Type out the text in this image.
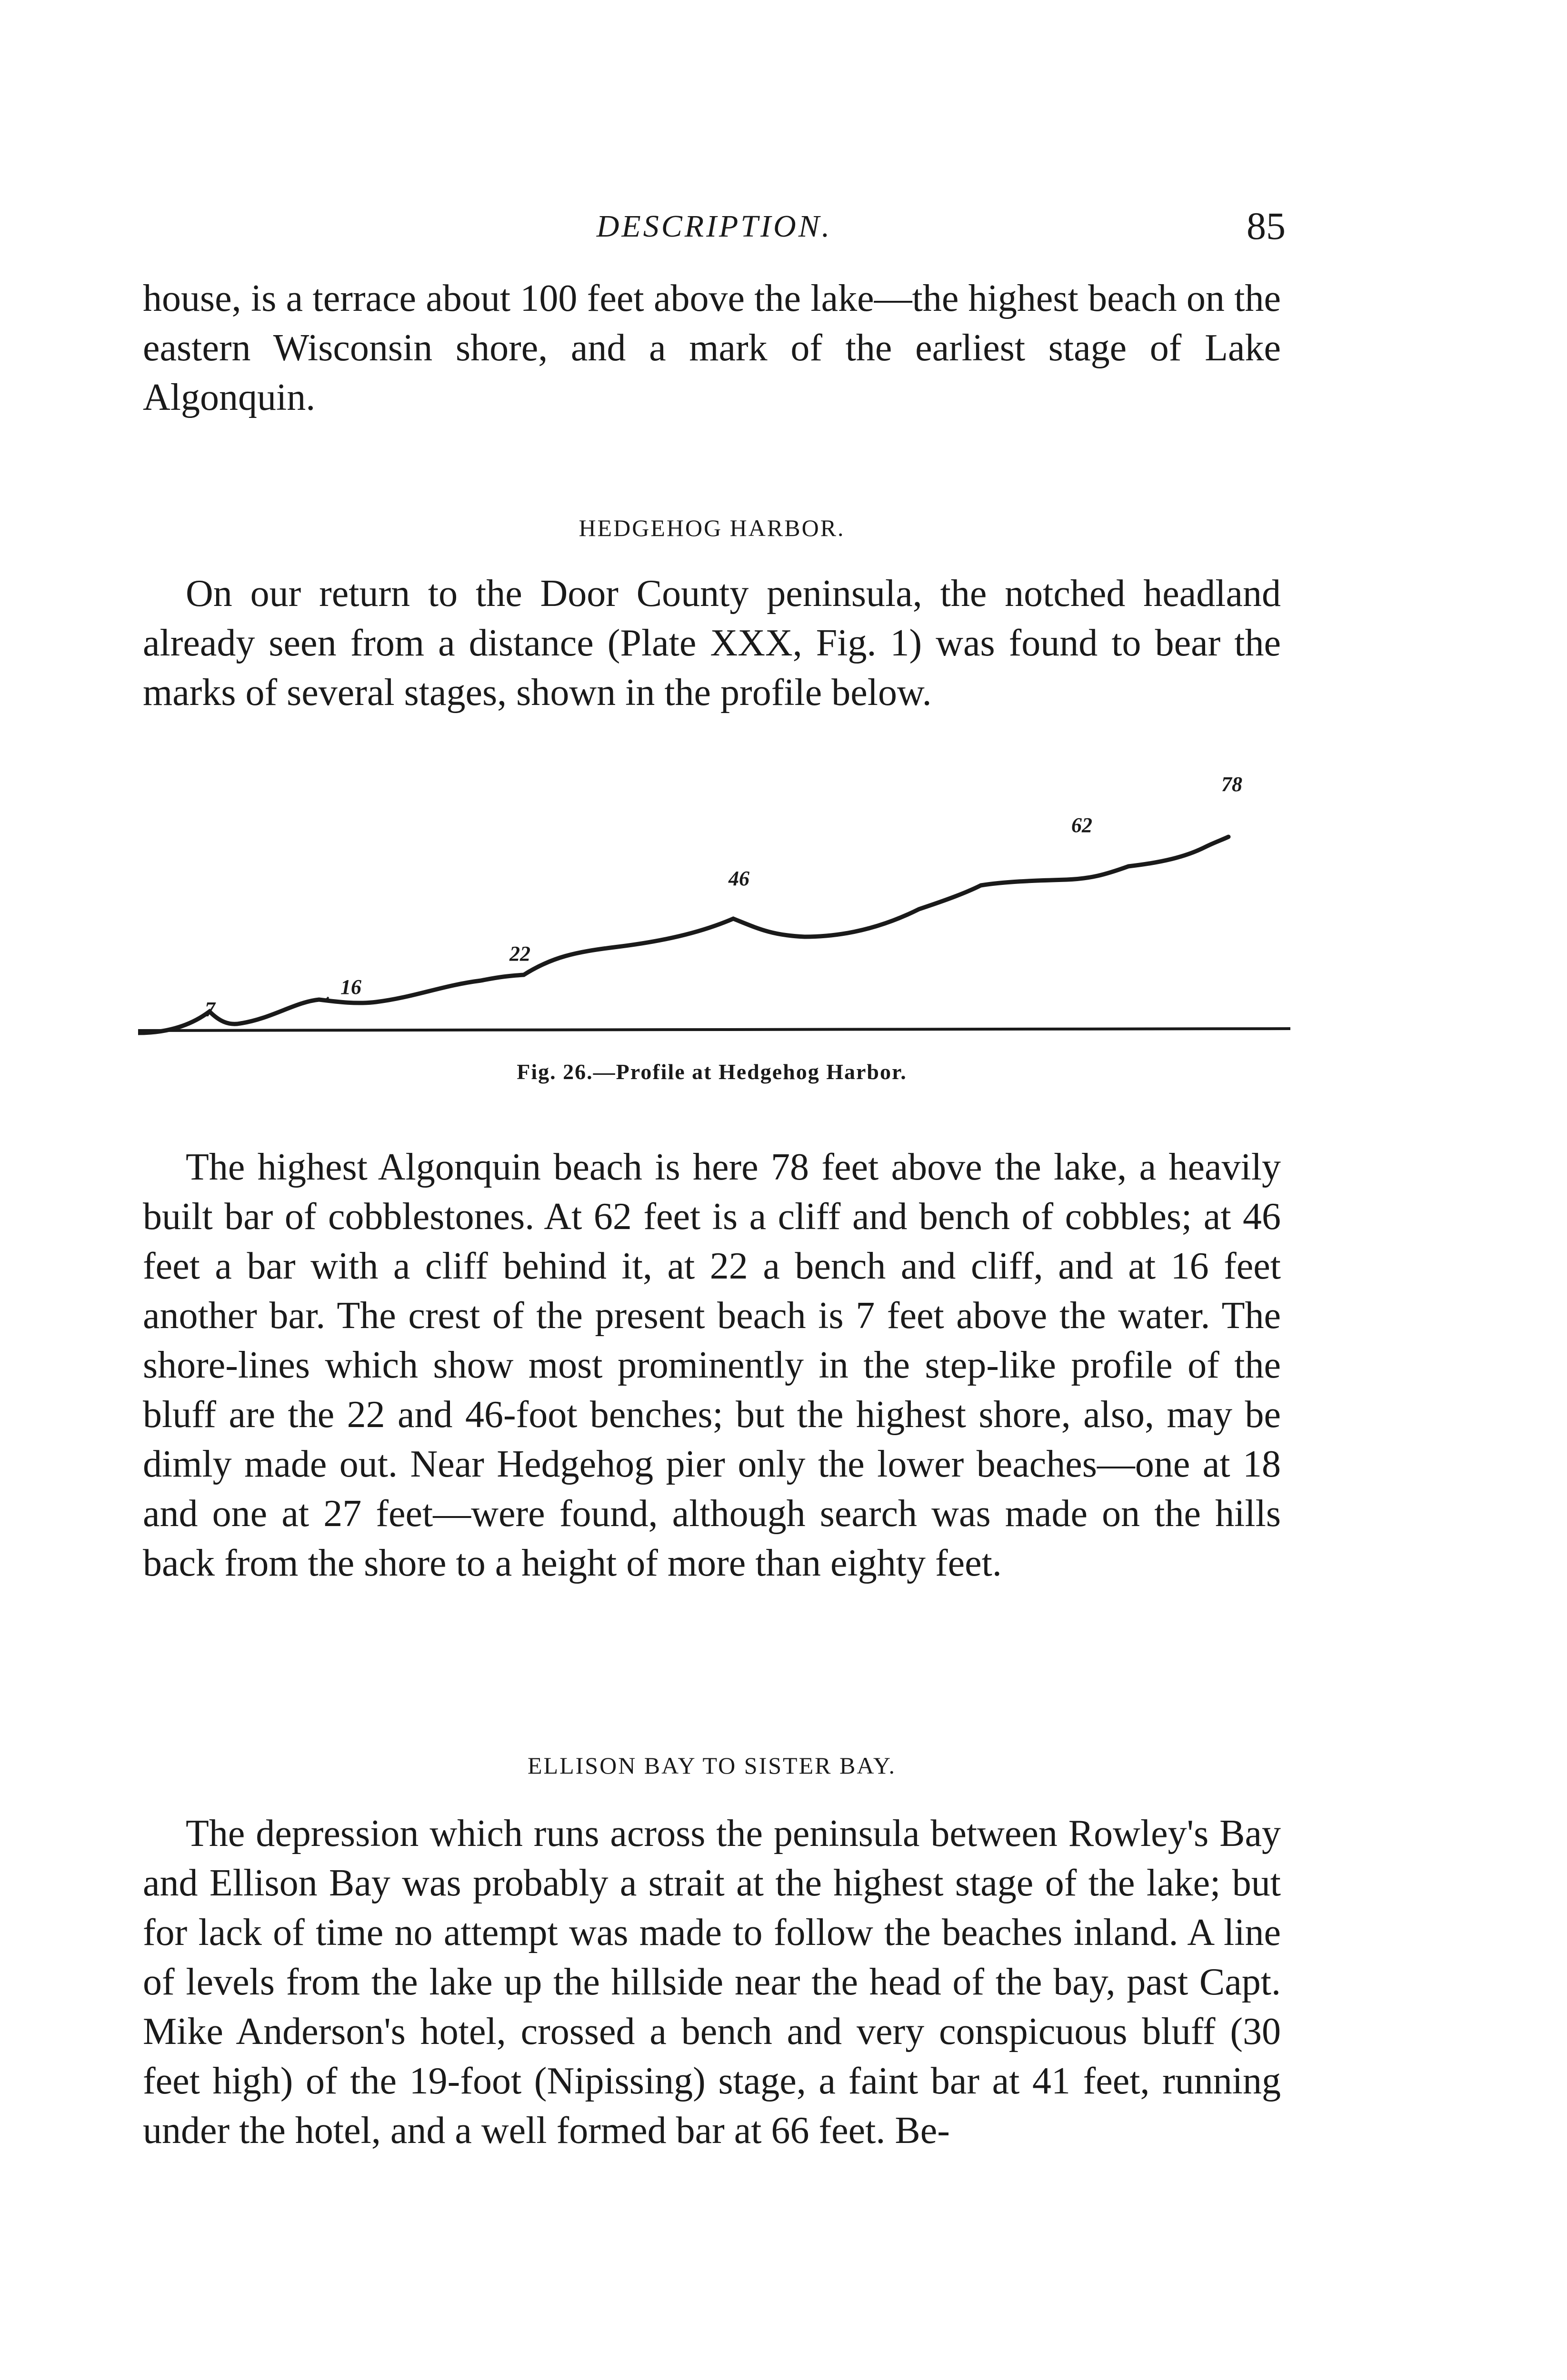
DESCRIPTION.	85

house, is a terrace about 100 feet above the lake—the highest beach on the eastern Wisconsin shore, and a mark of the earliest stage of Lake Algonquin.

HEDGEHOG HARBOR.

On our return to the Door County peninsula, the notched headland already seen from a distance (Plate XXX, Fig. 1) was found to bear the marks of several stages, shown in the profile below.

7
16
22
46
62
78
Fig. 26.—Profile at Hedgehog Harbor.

The highest Algonquin beach is here 78 feet above the lake, a heavily built bar of cobblestones. At 62 feet is a cliff and bench of cobbles; at 46 feet a bar with a cliff behind it, at 22 a bench and cliff, and at 16 feet another bar. The crest of the present beach is 7 feet above the water. The shore-lines which show most prominently in the step-like profile of the bluff are the 22 and 46-foot benches; but the highest shore, also, may be dimly made out. Near Hedgehog pier only the lower beaches—one at 18 and one at 27 feet—were found, although search was made on the hills back from the shore to a height of more than eighty feet.

ELLISON BAY TO SISTER BAY.

The depression which runs across the peninsula between Rowley's Bay and Ellison Bay was probably a strait at the highest stage of the lake; but for lack of time no attempt was made to follow the beaches inland. A line of levels from the lake up the hillside near the head of the bay, past Capt. Mike Anderson's hotel, crossed a bench and very conspicuous bluff (30 feet high) of the 19-foot (Nipissing) stage, a faint bar at 41 feet, running under the hotel, and a well formed bar at 66 feet. Be-
